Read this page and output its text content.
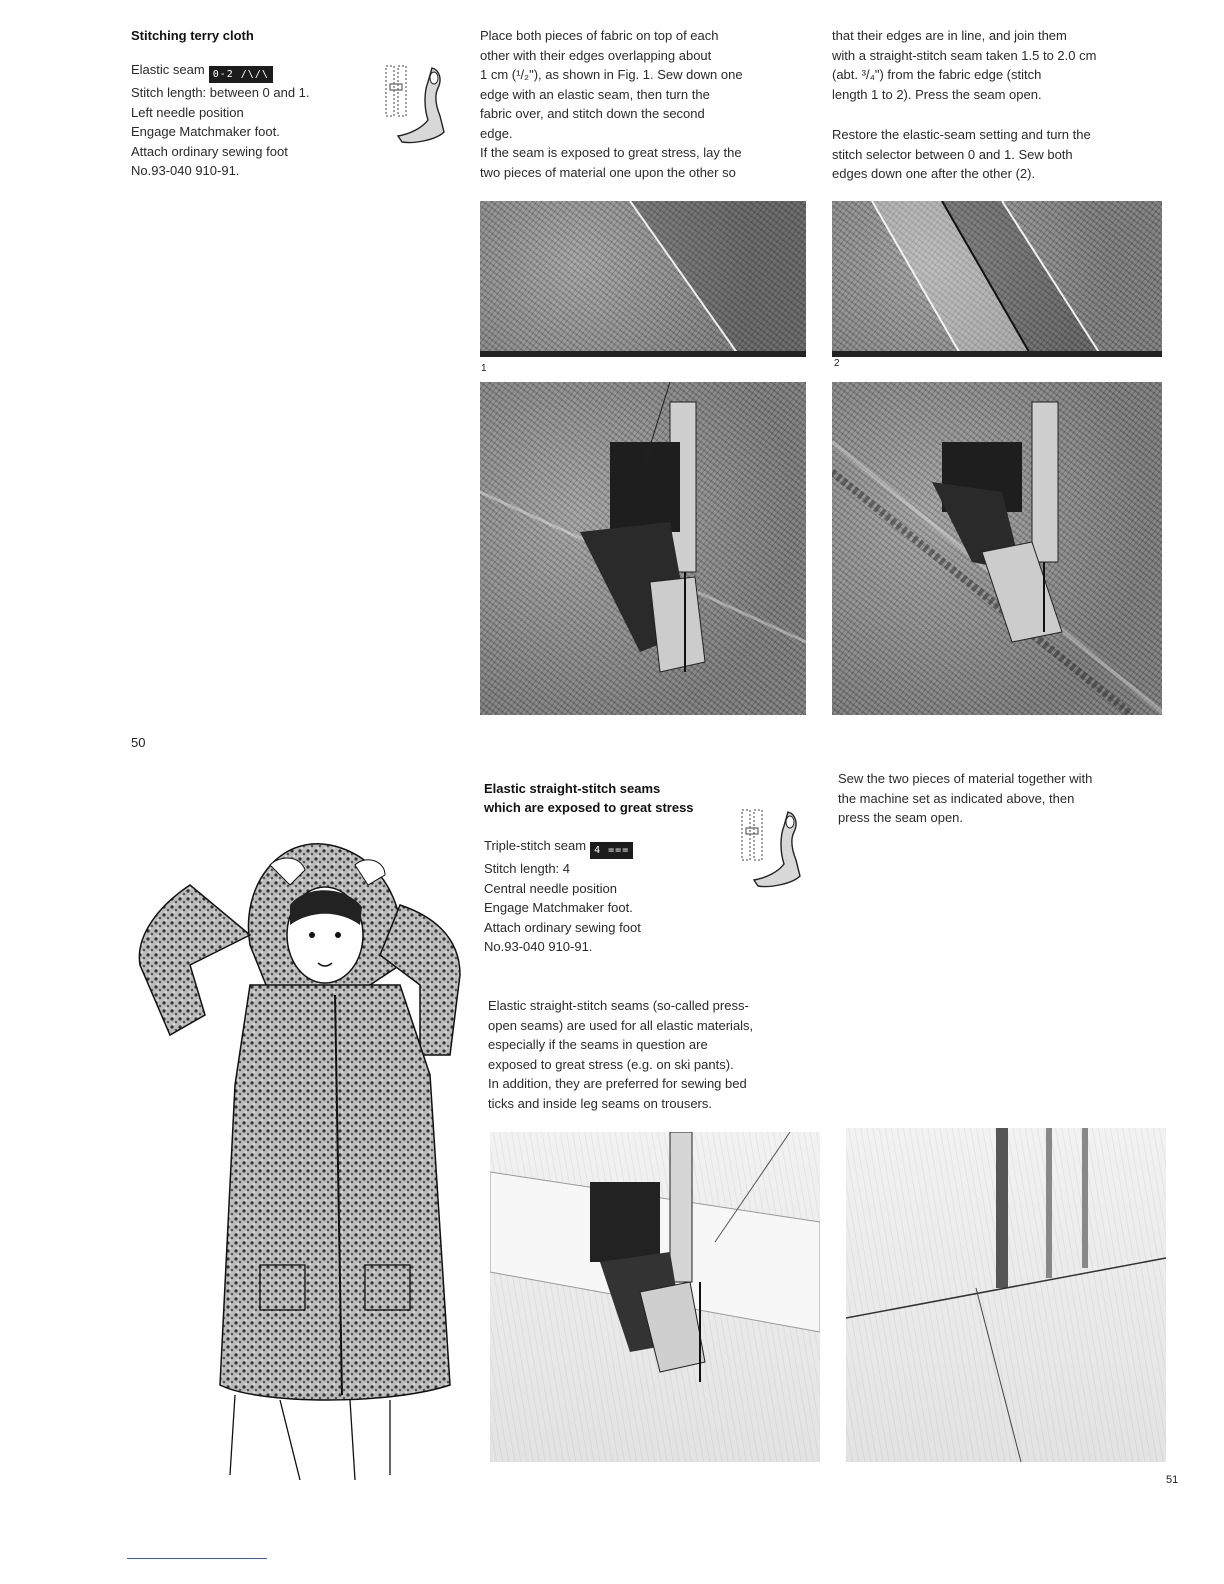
Stitching terry cloth
Elastic seam 0-2 /\/\
Stitch length: between 0 and 1.
Left needle position
Engage Matchmaker foot.
Attach ordinary sewing foot
No.93-040 910-91.
Place both pieces of fabric on top of each
other with their edges overlapping about
1 cm (¹/₂"), as shown in Fig. 1. Sew down one
edge with an elastic seam, then turn the
fabric over, and stitch down the second
edge.
If the seam is exposed to great stress, lay the
two pieces of material one upon the other so
that their edges are in line, and join them
with a straight-stitch seam taken 1.5 to 2.0 cm
(abt. ³/₄") from the fabric edge (stitch
length 1 to 2). Press the seam open.
Restore the elastic-seam setting and turn the
stitch selector between 0 and 1. Sew both
edges down one after the other (2).
1	2
50
51
Elastic straight-stitch seams
which are exposed to great stress
Triple-stitch seam 4 ===
Stitch length: 4
Central needle position
Engage Matchmaker foot.
Attach ordinary sewing foot
No.93-040 910-91.
Elastic straight-stitch seams (so-called press-
open seams) are used for all elastic materials,
especially if the seams in question are
exposed to great stress (e.g. on ski pants).
In addition, they are preferred for sewing bed
ticks and inside leg seams on trousers.
Sew the two pieces of material together with
the machine set as indicated above, then
press the seam open.
